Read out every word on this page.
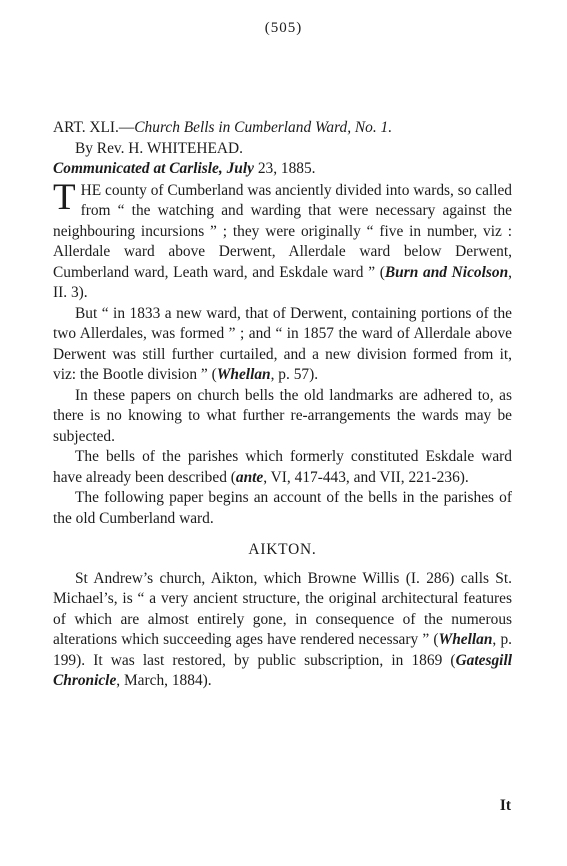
(505)

ART. XLI.—Church Bells in Cumberland Ward, No. 1.

By Rev. H. WHITEHEAD.

Communicated at Carlisle, July 23, 1885.

THE county of Cumberland was anciently divided into wards, so called from “ the watching and warding that were necessary against the neighbouring incursions ” ; they were originally “ five in number, viz : Allerdale ward above Derwent, Allerdale ward below Derwent, Cumberland ward, Leath ward, and Eskdale ward ” (Burn and Nicolson, II. 3).

But “ in 1833 a new ward, that of Derwent, containing portions of the two Allerdales, was formed ” ; and “ in 1857 the ward of Allerdale above Derwent was still further curtailed, and a new division formed from it, viz: the Bootle division ” (Whellan, p. 57).

In these papers on church bells the old landmarks are adhered to, as there is no knowing to what further re-arrangements the wards may be subjected.

The bells of the parishes which formerly constituted Eskdale ward have already been described (ante, VI, 417-443, and VII, 221-236).

The following paper begins an account of the bells in the parishes of the old Cumberland ward.

AIKTON.

St Andrew’s church, Aikton, which Browne Willis (I. 286) calls St. Michael’s, is “ a very ancient structure, the original architectural features of which are almost entirely gone, in consequence of the numerous alterations which succeeding ages have rendered necessary ” (Whellan, p. 199). It was last restored, by public subscription, in 1869 (Gatesgill Chronicle, March, 1884).

It
